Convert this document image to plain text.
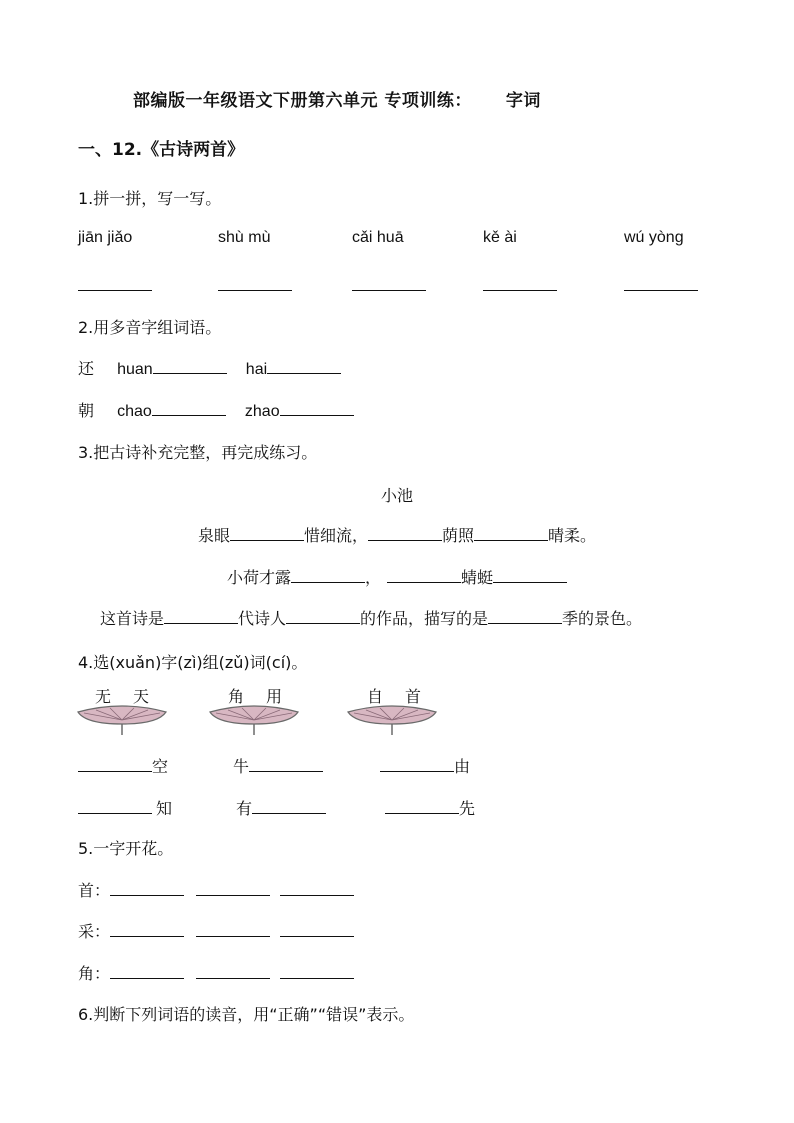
部编版一年级语文下册第六单元 专项训练： 字词
一、12.《古诗两首》
1.拼一拼，写一写。
jiān jiǎo	shù mù	cǎi huā	kě ài	wú yòng
2.用多音字组词语。
还 huan	hai
朝 chao	zhao
3.把古诗补充完整，再完成练习。
小池
泉眼	惜细流，	荫照	晴柔。
小荷才露	，	蜻蜓
这首诗是	代诗人	的作品，描写的是	季的景色。
4.选(xuǎn)字(zì)组(zǔ)词(cí)。
无 天	角 用	自 首
空	牛	由
知	有	先
5.一字开花。
首：
采：
角：
6.判断下列词语的读音，用“正确”“错误”表示。
